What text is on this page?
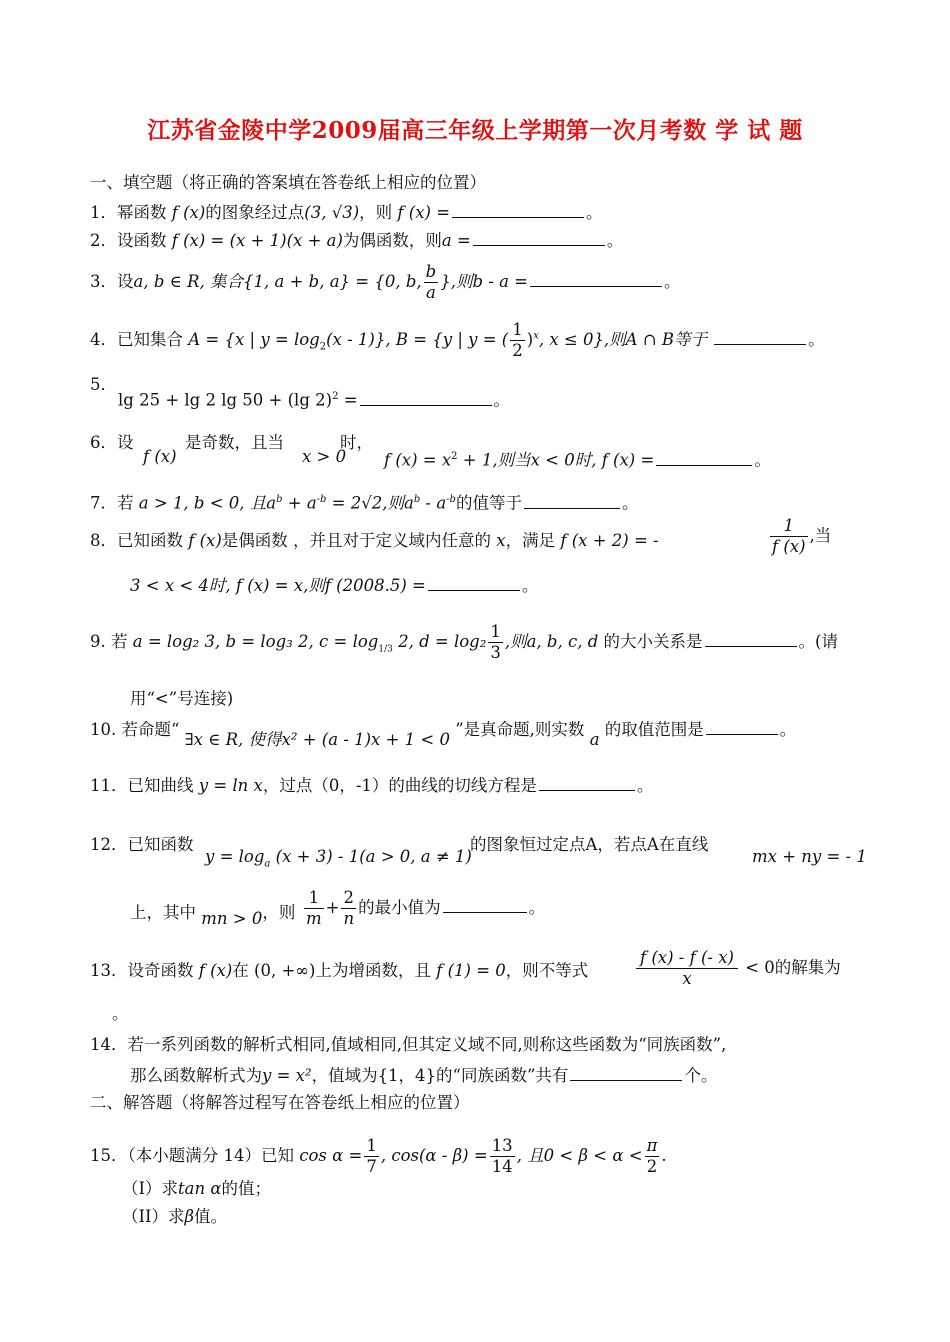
江苏省金陵中学2009届高三年级上学期第一次月考数 学 试 题
一、填空题（将正确的答案填在答卷纸上相应的位置）
1．幂函数 f (x)的图象经过点(3, √3)，则 f (x) =	。
2．设函数 f (x) = (x + 1)(x + a)为偶函数，则a =	。
3．设a, b ∈ R, 集合{1, a + b, a} = {0, b, $\frac{b}{a}$ },则b - a =	。
4．已知集合 A = {x | $y = \log_2(x - 1)$}, B = {y | y = ( $\frac{1}{2} )^x$, x ≤ 0},则A ∩ B等于	。
5．
lg 25 + lg 2 lg 50 + (lg 2)$^2$ =	。
6．设
f (x)
是奇数，且当
x > 0
时，
f $(x) = x^2 + 1$,则当x < 0时, f (x) =	。
7．若 a > 1, b < 0, 且$a^b + a^{-b} = 2√2$,则$a^b - a^{-b}$的值等于	。
8．已知函数 f (x)是偶函数 ，并且对于定义域内任意的 x，满足 f (x + 2) = -	$\frac{1}{f (x)}$ ,当
3 < x < 4时, f (x) = x,则f (2008.5) =	。
9. 若 a = log₂ 3, b = log₃ 2, $c = \log_{1/3} 2$, $d = \log_2 \frac{1}{3}$ ,则a, b, c, d 的大小关系是	。(请
用“<”号连接)
10. 若命题“ ∃x ∈ R, 使得x² + (a - 1)x + 1 < 0 ”是真命题,则实数 a 的取值范围是	。
11．已知曲线 y = ln x，过点（0，-1）的曲线的切线方程是	。
12．已知函数
$y = \log_a (x + 3) - 1(a > 0$, a ≠ 1)
的图象恒过定点A，若点A在直线
mx + ny = - 1
上，其中 mn > 0，则 $\frac{1}{m} + \frac{2}{n}$ 的最小值为	。
13．设奇函数 f (x)在 (0, +∞)上为增函数，且 f (1) = 0，则不等式	$\frac{f (x) - f (- x)}{x} < 0$的解集为
。
14．若一系列函数的解析式相同,值域相同,但其定义域不同,则称这些函数为“同族函数”,
那么函数解析式为y = x²，值域为{1，4}的“同族函数”共有	个。
二、解答题（将解答过程写在答卷纸上相应的位置）
15．（本小题满分 14）已知 $\cos \alpha = \frac{1}{7}$ , $\cos(\alpha - \beta) = \frac{13}{14}$ , 且$0 < \beta < \alpha < \frac{\pi}{2}$ .
（I）求tan α的值；
（II）求β值。
